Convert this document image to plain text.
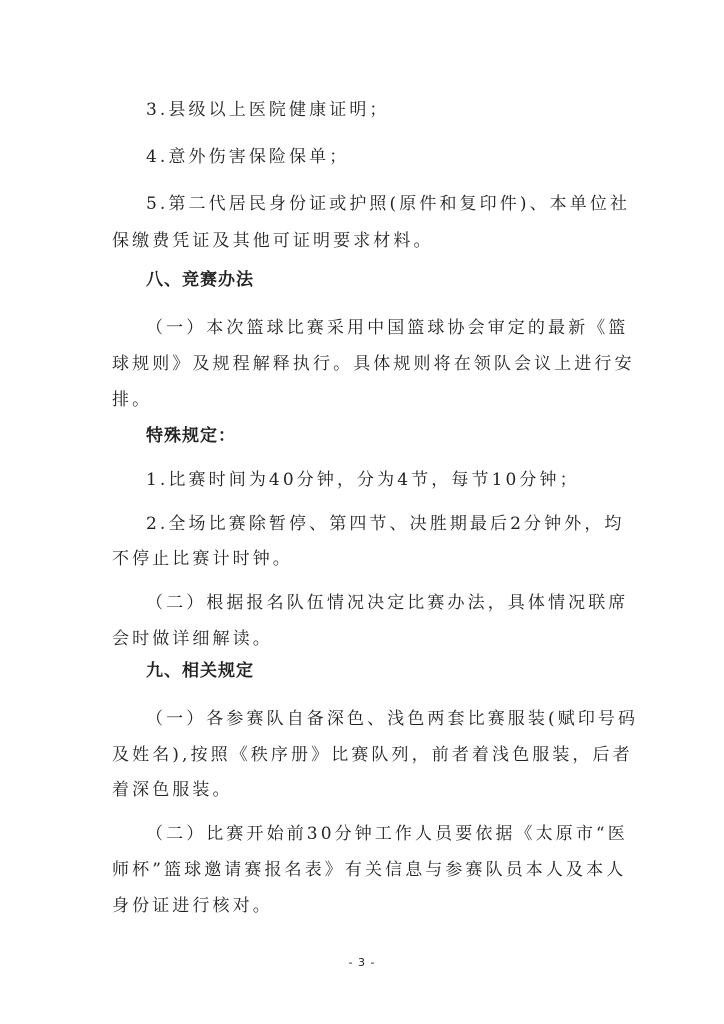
3.县级以上医院健康证明；
4.意外伤害保险保单；
5.第二代居民身份证或护照(原件和复印件)、本单位社
保缴费凭证及其他可证明要求材料。
八、竞赛办法
（一）本次篮球比赛采用中国篮球协会审定的最新《篮
球规则》及规程解释执行。具体规则将在领队会议上进行安
排。
特殊规定：
1.比赛时间为40分钟，分为4节，每节10分钟；
2.全场比赛除暂停、第四节、决胜期最后2分钟外，均
不停止比赛计时钟。
（二）根据报名队伍情况决定比赛办法，具体情况联席
会时做详细解读。
九、相关规定
（一）各参赛队自备深色、浅色两套比赛服装(赋印号码
及姓名),按照《秩序册》比赛队列，前者着浅色服装，后者
着深色服装。
（二）比赛开始前30分钟工作人员要依据《太原市“医
师杯”篮球邀请赛报名表》有关信息与参赛队员本人及本人
身份证进行核对。
- 3 -
